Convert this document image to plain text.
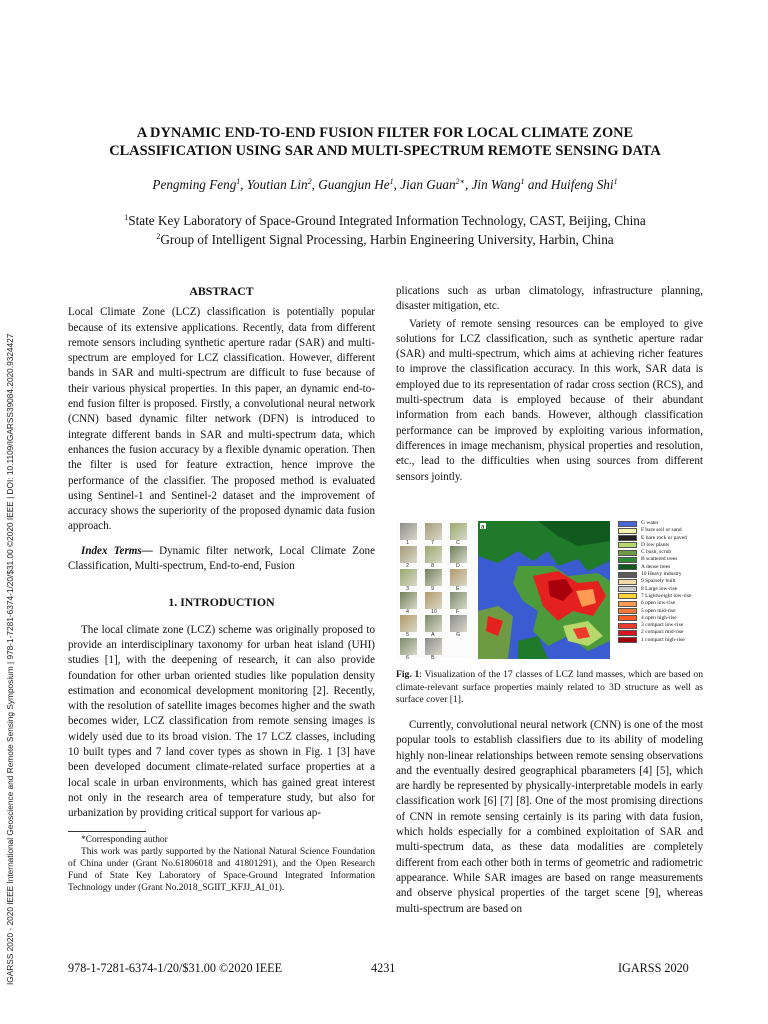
IGARSS 2020 - 2020 IEEE International Geoscience and Remote Sensing Symposium | 978-1-7281-6374-1/20/$31.00 ©2020 IEEE | DOI: 10.1109/IGARSS39084.2020.9324427
A DYNAMIC END-TO-END FUSION FILTER FOR LOCAL CLIMATE ZONE
CLASSIFICATION USING SAR AND MULTI-SPECTRUM REMOTE SENSING DATA
Pengming Feng$^1$, Youtian Lin$^2$, Guangjun He$^1$, Jian Guan$^{2∗}$, Jin Wang$^1$ and Huifeng Shi$^1$
$^1$State Key Laboratory of Space-Ground Integrated Information Technology, CAST, Beijing, China
$^2$Group of Intelligent Signal Processing, Harbin Engineering University, Harbin, China

ABSTRACT

Local Climate Zone (LCZ) classification is potentially popular because of its extensive applications. Recently, data from different remote sensors including synthetic aperture radar (SAR) and multi-spectrum are employed for LCZ classification. However, different bands in SAR and multi-spectrum are difficult to fuse because of their various physical properties. In this paper, an dynamic end-to-end fusion filter is proposed. Firstly, a convolutional neural network (CNN) based dynamic filter network (DFN) is introduced to integrate different bands in SAR and multi-spectrum data, which enhances the fusion accuracy by a flexible dynamic operation. Then the filter is used for feature extraction, hence improve the performance of the classifier. The proposed method is evaluated using Sentinel-1 and Sentinel-2 dataset and the improvement of accuracy shows the superiority of the proposed dynamic data fusion approach.

Index Terms— Dynamic filter network, Local Climate Zone Classification, Multi-spectrum, End-to-end, Fusion

1. INTRODUCTION

The local climate zone (LCZ) scheme was originally proposed to provide an interdisciplinary taxonomy for urban heat island (UHI) studies [1], with the deepening of research, it can also provide foundation for other urban oriented studies like population density estimation and economical development monitoring [2]. Recently, with the resolution of satellite images becomes higher and the swath becomes wider, LCZ classification from remote sensing images is widely used due to its broad vision. The 17 LCZ classes, including 10 built types and 7 land cover types as shown in Fig. 1 [3] have been developed document climate-related surface properties at a local scale in urban environments, which has gained great interest not only in the research area of temperature study, but also for urbanization by providing critical support for various ap-

*Corresponding author
This work was partly supported by the National Natural Science Foundation of China under (Grant No.61806018 and 41801291), and the Open Research Fund of State Key Laboratory of Space-Ground Integrated Information Technology under (Grant No.2018_SGIIT_KFJJ_AI_01).

plications such as urban climatology, infrastructure planning, disaster mitigation, etc.

Variety of remote sensing resources can be employed to give solutions for LCZ classification, such as synthetic aperture radar (SAR) and multi-spectrum, which aims at achieving richer features to improve the classification accuracy. In this work, SAR data is employed due to its representation of radar cross section (RCS), and multi-spectrum data is employed because of their abundant information from each bands. However, although classification performance can be improved by exploiting various information, differences in image mechanism, physical properties and resolution, etc., lead to the difficulties when using sources from different sensors jointly.

1	7	C
2	8	D
3	9	E
4	10	F
5	A	G
6	B
a
G water
F bare soil or sand
E bare rock or paved
D low plants
C bush, scrub
B scattered trees
A dense trees
10 Heavy industry
9 Sparsely built
8 Large low-rise
7 Lightweight low-rise
6 open low-rise
5 open mid-rise
4 open high-rise
3 compact low-rise
2 compact mid-rise
1 compact high-rise
Fig. 1: Visualization of the 17 classes of LCZ land masses, which are based on climate-relevant surface properties mainly related to 3D structure as well as surface cover [1].

Currently, convolutional neural network (CNN) is one of the most popular tools to establish classifiers due to its ability of modeling highly non-linear relationships between remote sensing observations and the eventually desired geographical pbarameters [4] [5], which are hardly be represented by physically-interpretable models in early classification work [6] [7] [8]. One of the most promising directions of CNN in remote sensing certainly is its paring with data fusion, which holds especially for a combined exploitation of SAR and multi-spectrum data, as these data modalities are completely different from each other both in terms of geometric and radiometric appearance. While SAR images are based on range measurements and observe physical properties of the target scene [9], whereas multi-spectrum are based on

978-1-7281-6374-1/20/$31.00 ©2020 IEEE	4231	IGARSS 2020
